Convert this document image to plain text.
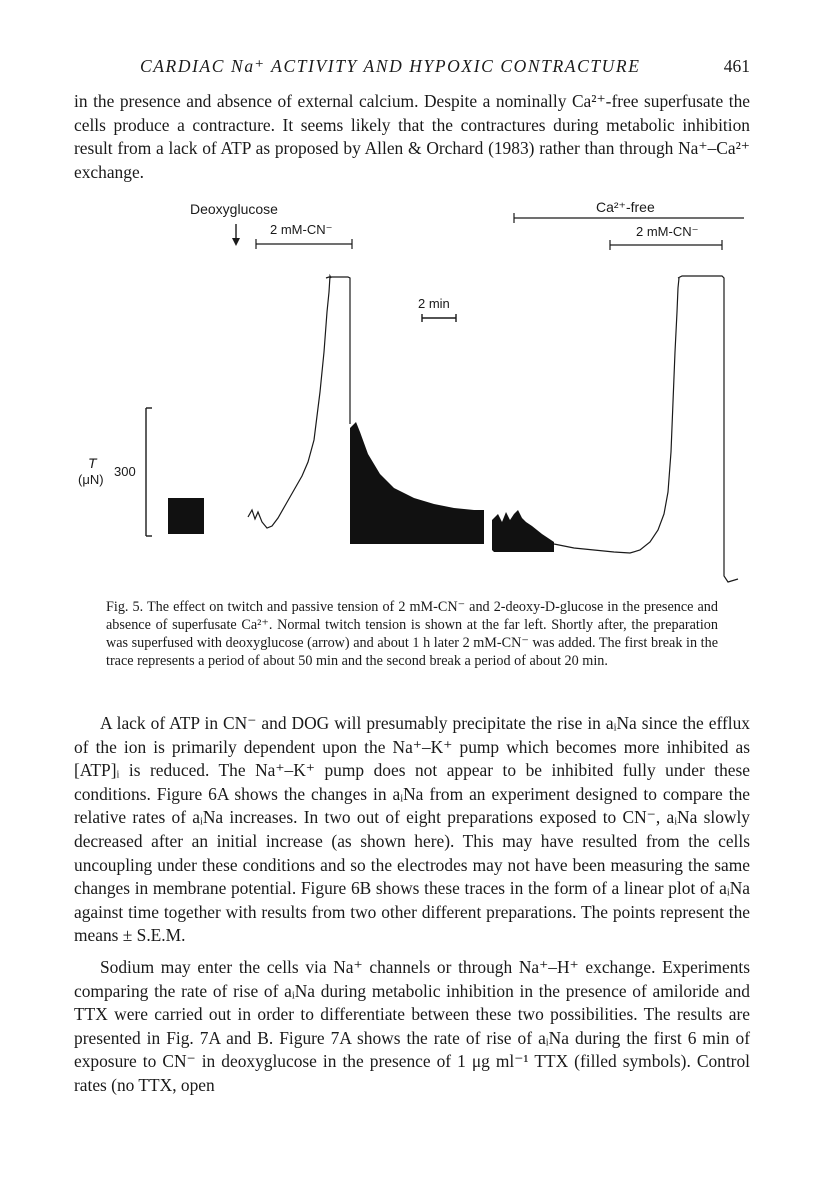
CARDIAC Na⁺ ACTIVITY AND HYPOXIC CONTRACTURE	461

in the presence and absence of external calcium. Despite a nominally Ca²⁺-free superfusate the cells produce a contracture. It seems likely that the contractures during metabolic inhibition result from a lack of ATP as proposed by Allen & Orchard (1983) rather than through Na⁺–Ca²⁺ exchange.

Deoxyglucose
2 mM-CN⁻
Ca²⁺-free
2 mM-CN⁻
2 min
T
(μN)
300

Fig. 5. The effect on twitch and passive tension of 2 mM-CN⁻ and 2-deoxy-D-glucose in the presence and absence of superfusate Ca²⁺. Normal twitch tension is shown at the far left. Shortly after, the preparation was superfused with deoxyglucose (arrow) and about 1 h later 2 mM-CN⁻ was added. The first break in the trace represents a period of about 50 min and the second break a period of about 20 min.

A lack of ATP in CN⁻ and DOG will presumably precipitate the rise in aᵢNa since the efflux of the ion is primarily dependent upon the Na⁺–K⁺ pump which becomes more inhibited as [ATP]ᵢ is reduced. The Na⁺–K⁺ pump does not appear to be inhibited fully under these conditions. Figure 6A shows the changes in aᵢNa from an experiment designed to compare the relative rates of aᵢNa increases. In two out of eight preparations exposed to CN⁻, aᵢNa slowly decreased after an initial increase (as shown here). This may have resulted from the cells uncoupling under these conditions and so the electrodes may not have been measuring the same changes in membrane potential. Figure 6B shows these traces in the form of a linear plot of aᵢNa against time together with results from two other different preparations. The points represent the means ± S.E.M.

Sodium may enter the cells via Na⁺ channels or through Na⁺–H⁺ exchange. Experiments comparing the rate of rise of aᵢNa during metabolic inhibition in the presence of amiloride and TTX were carried out in order to differentiate between these two possibilities. The results are presented in Fig. 7A and B. Figure 7A shows the rate of rise of aᵢNa during the first 6 min of exposure to CN⁻ in deoxyglucose in the presence of 1 μg ml⁻¹ TTX (filled symbols). Control rates (no TTX, open
